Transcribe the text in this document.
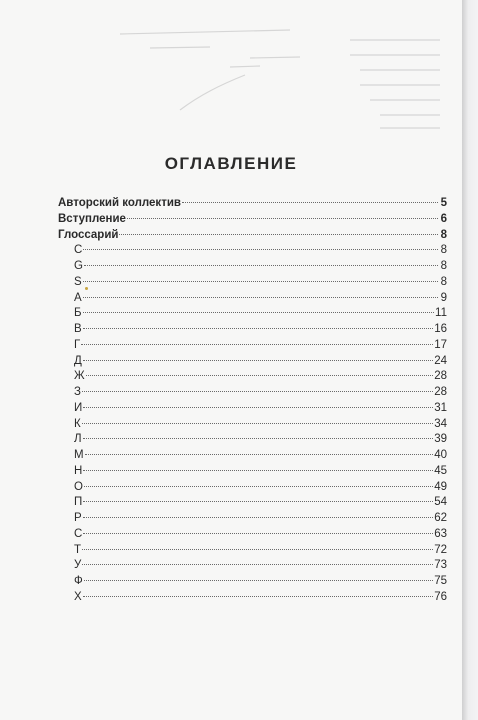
ОГЛАВЛЕНИЕ
Авторский коллектив	5
Вступление	6
Глоссарий	8
C	8
G	8
S	8
А	9
Б	11
В	16
Г	17
Д	24
Ж	28
З	28
И	31
К	34
Л	39
М	40
Н	45
О	49
П	54
Р	62
С	63
Т	72
У	73
Ф	75
Х	76
